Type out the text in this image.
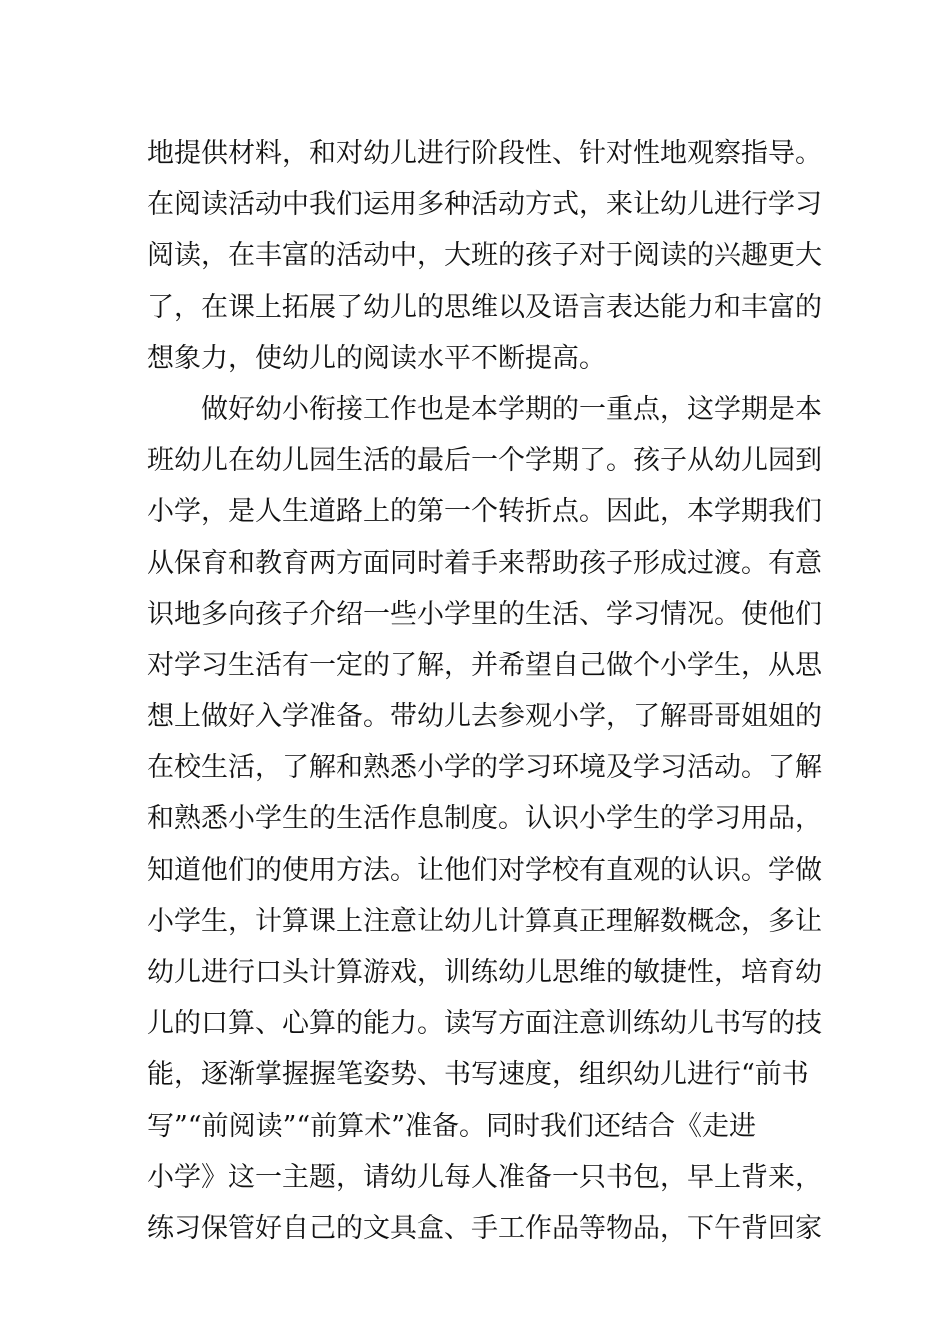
地提供材料，和对幼儿进行阶段性、针对性地观察指导。
在阅读活动中我们运用多种活动方式，来让幼儿进行学习
阅读，在丰富的活动中，大班的孩子对于阅读的兴趣更大
了，在课上拓展了幼儿的思维以及语言表达能力和丰富的
想象力，使幼儿的阅读水平不断提高。
　　做好幼小衔接工作也是本学期的一重点，这学期是本
班幼儿在幼儿园生活的最后一个学期了。孩子从幼儿园到
小学，是人生道路上的第一个转折点。因此，本学期我们
从保育和教育两方面同时着手来帮助孩子形成过渡。有意
识地多向孩子介绍一些小学里的生活、学习情况。使他们
对学习生活有一定的了解，并希望自己做个小学生，从思
想上做好入学准备。带幼儿去参观小学，了解哥哥姐姐的
在校生活，了解和熟悉小学的学习环境及学习活动。了解
和熟悉小学生的生活作息制度。认识小学生的学习用品，
知道他们的使用方法。让他们对学校有直观的认识。学做
小学生，计算课上注意让幼儿计算真正理解数概念，多让
幼儿进行口头计算游戏，训练幼儿思维的敏捷性，培育幼
儿的口算、心算的能力。读写方面注意训练幼儿书写的技
能，逐渐掌握握笔姿势、书写速度，组织幼儿进行“前书
写”“前阅读”“前算术”准备。同时我们还结合《走进
小学》这一主题，请幼儿每人准备一只书包，早上背来，
练习保管好自己的文具盒、手工作品等物品，下午背回家
